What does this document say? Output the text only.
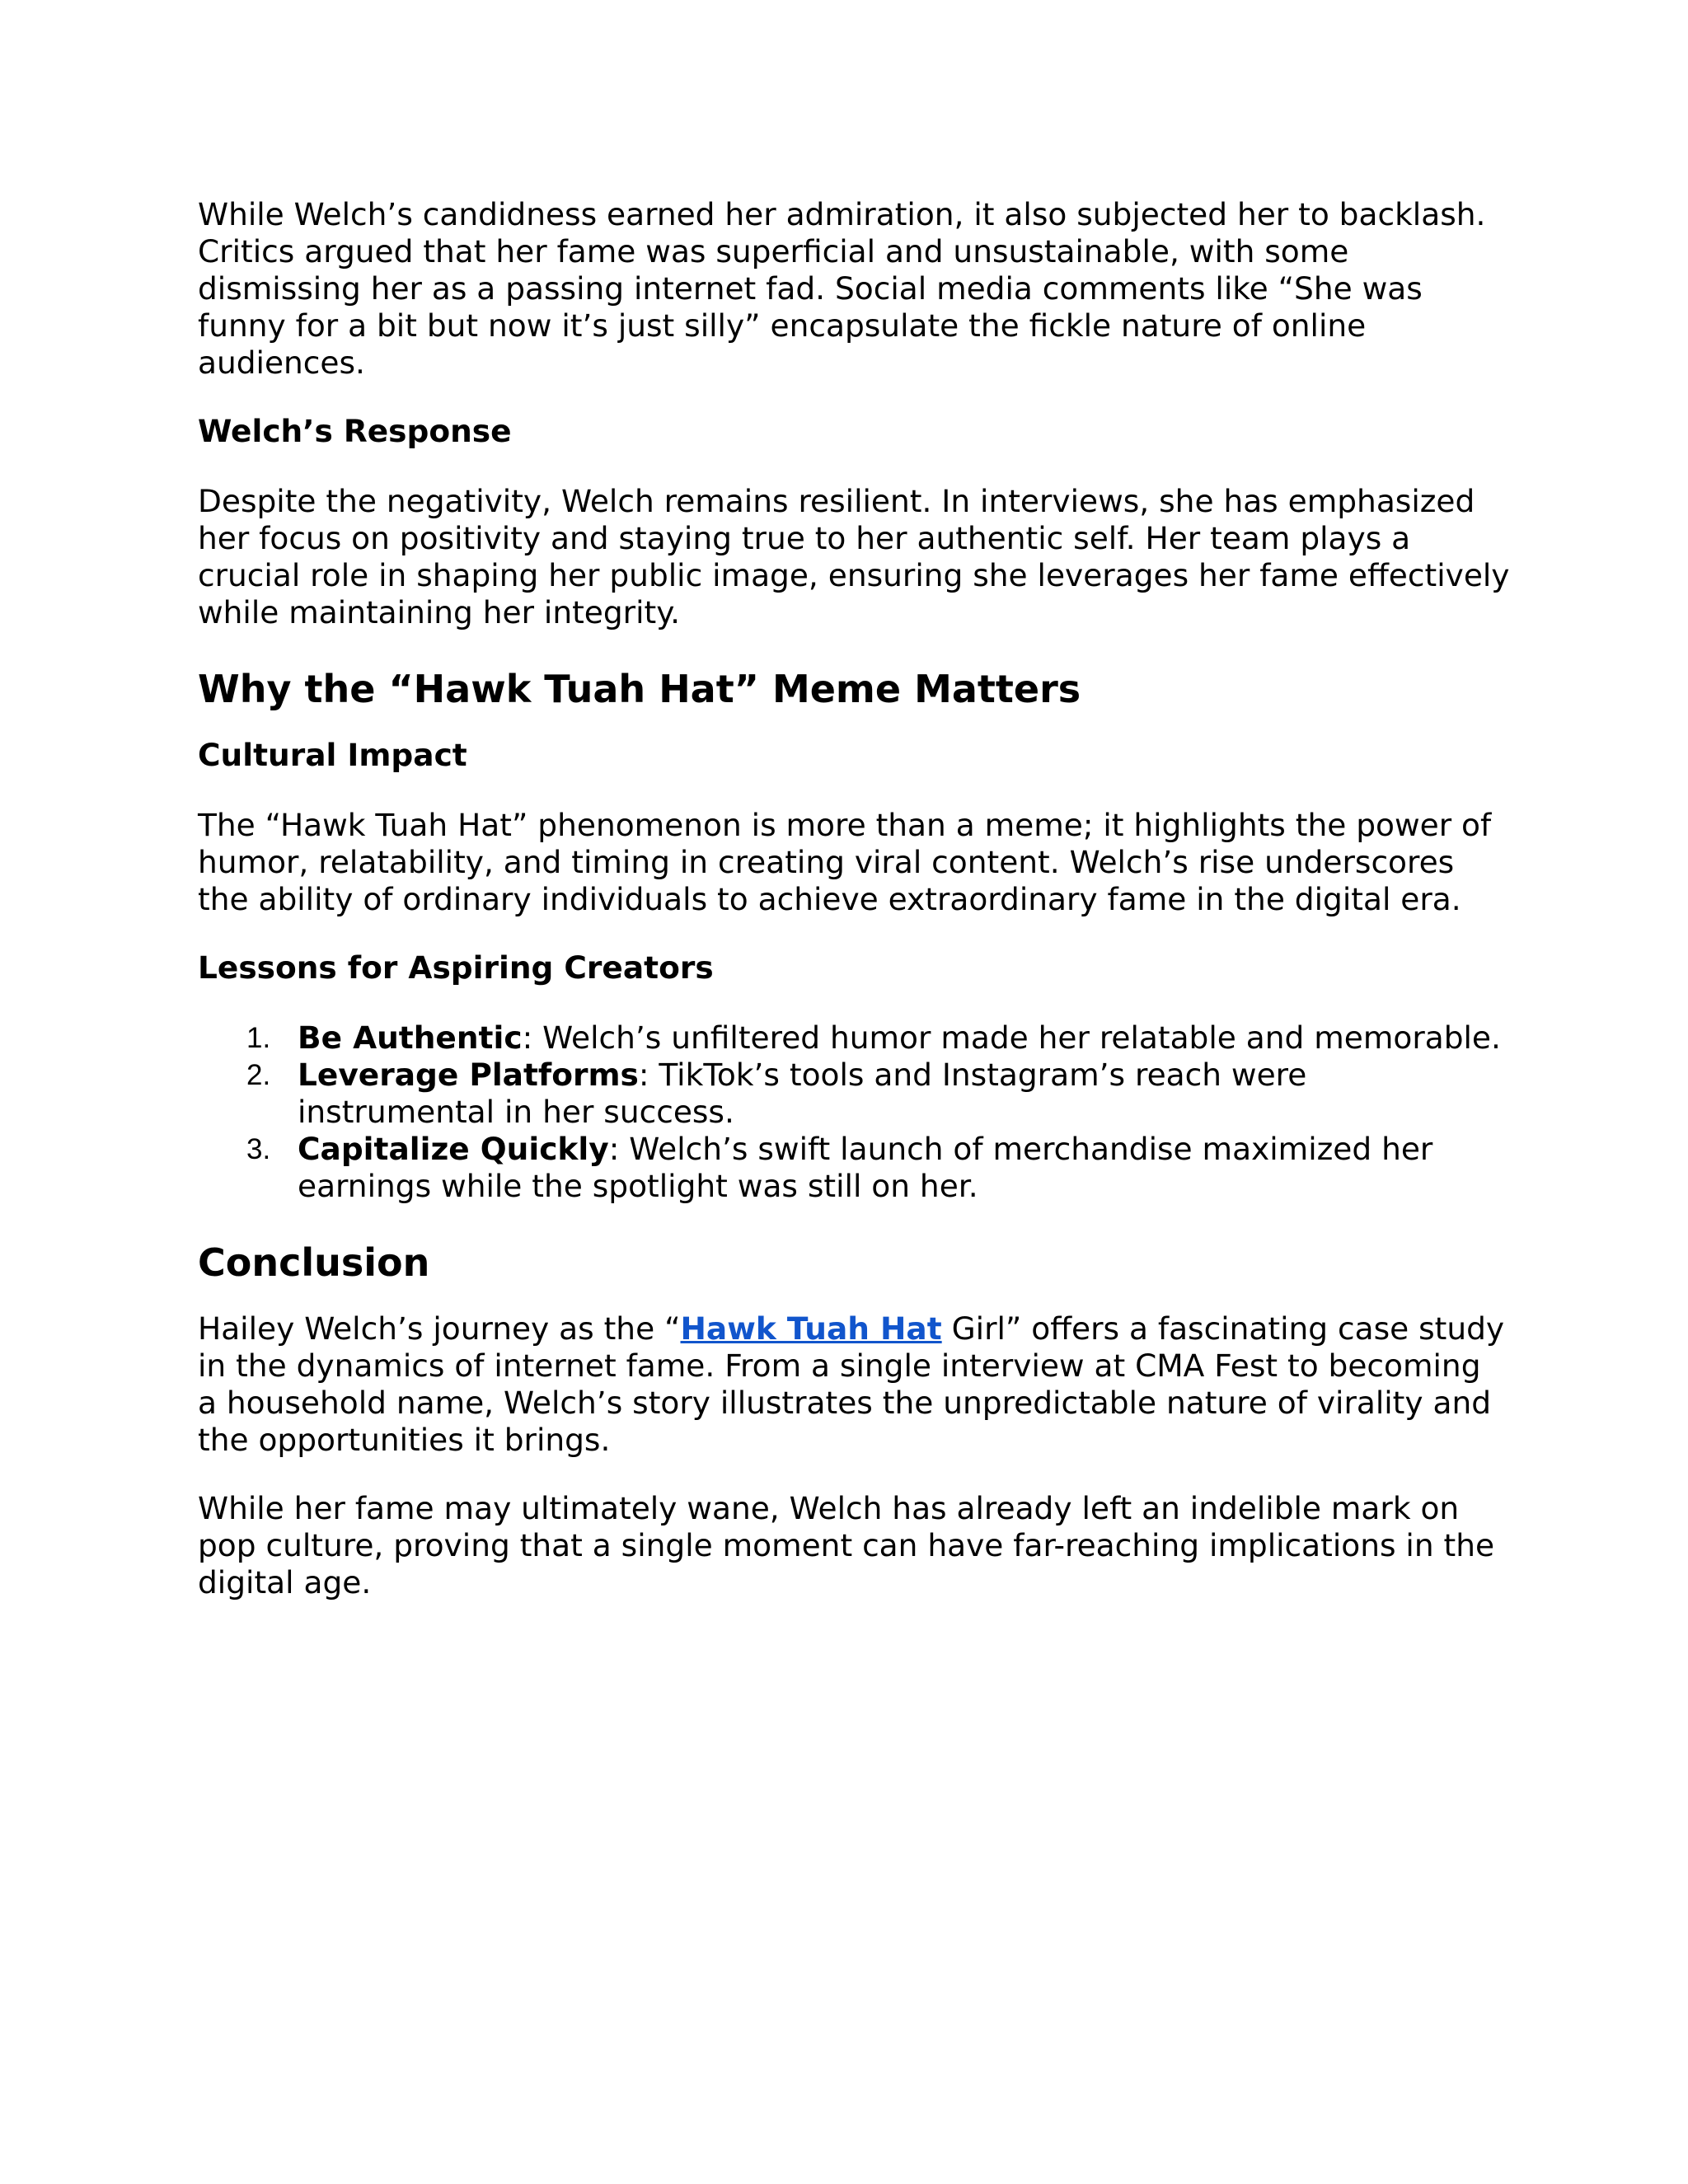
While Welch’s candidness earned her admiration, it also subjected her to backlash.
Critics argued that her fame was superficial and unsustainable, with some
dismissing her as a passing internet fad. Social media comments like “She was
funny for a bit but now it’s just silly” encapsulate the fickle nature of online
audiences.

Welch’s Response

Despite the negativity, Welch remains resilient. In interviews, she has emphasized
her focus on positivity and staying true to her authentic self. Her team plays a
crucial role in shaping her public image, ensuring she leverages her fame effectively
while maintaining her integrity.

Why the “Hawk Tuah Hat” Meme Matters
Cultural Impact

The “Hawk Tuah Hat” phenomenon is more than a meme; it highlights the power of
humor, relatability, and timing in creating viral content. Welch’s rise underscores
the ability of ordinary individuals to achieve extraordinary fame in the digital era.

Lessons for Aspiring Creators
1. Be Authentic: Welch’s unfiltered humor made her relatable and memorable.
2. Leverage Platforms: TikTok’s tools and Instagram’s reach were
instrumental in her success.
3. Capitalize Quickly: Welch’s swift launch of merchandise maximized her
earnings while the spotlight was still on her.
Conclusion

Hailey Welch’s journey as the “Hawk Tuah Hat Girl” offers a fascinating case study
in the dynamics of internet fame. From a single interview at CMA Fest to becoming
a household name, Welch’s story illustrates the unpredictable nature of virality and
the opportunities it brings.

While her fame may ultimately wane, Welch has already left an indelible mark on
pop culture, proving that a single moment can have far-reaching implications in the
digital age.
